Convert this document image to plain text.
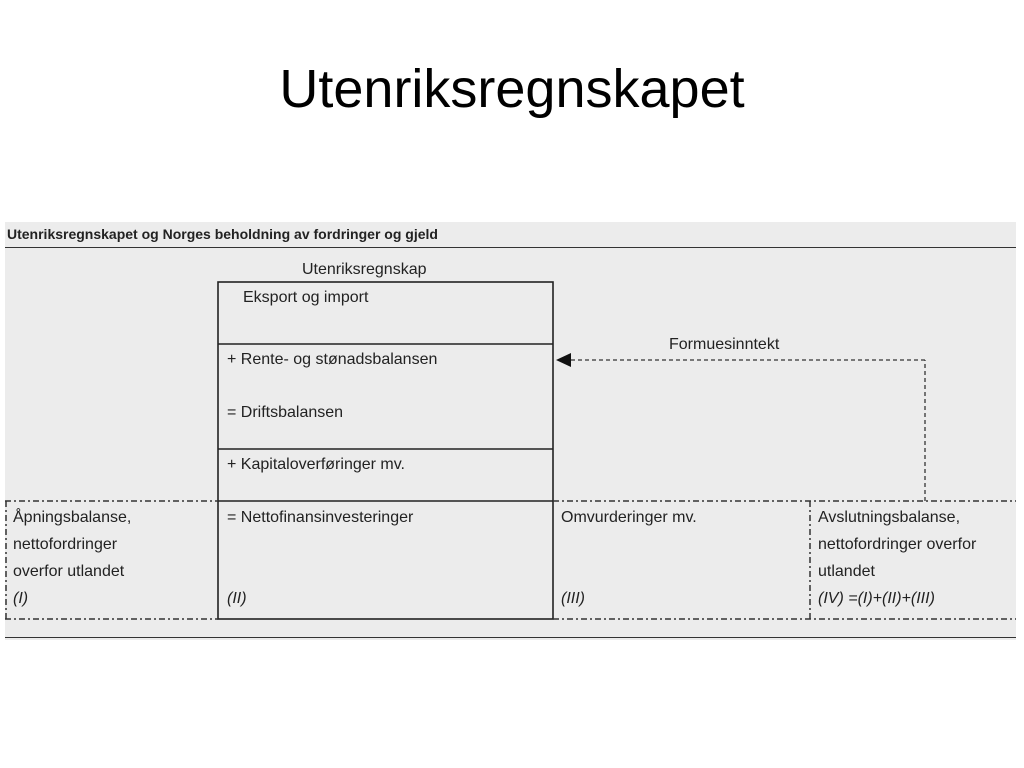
Utenriksregnskapet
Utenriksregnskapet og Norges beholdning av fordringer og gjeld
Utenriksregnskap
Eksport og import
+ Rente- og stønadsbalansen
= Driftsbalansen
+ Kapitaloverføringer mv.
= Nettofinansinvesteringer
Formuesinntekt
Åpningsbalanse,
nettofordringer
overfor utlandet
(I)	(II)
Omvurderinger mv.
(III)
Avslutningsbalanse,
nettofordringer overfor
utlandet
(IV) =(I)+(II)+(III)
